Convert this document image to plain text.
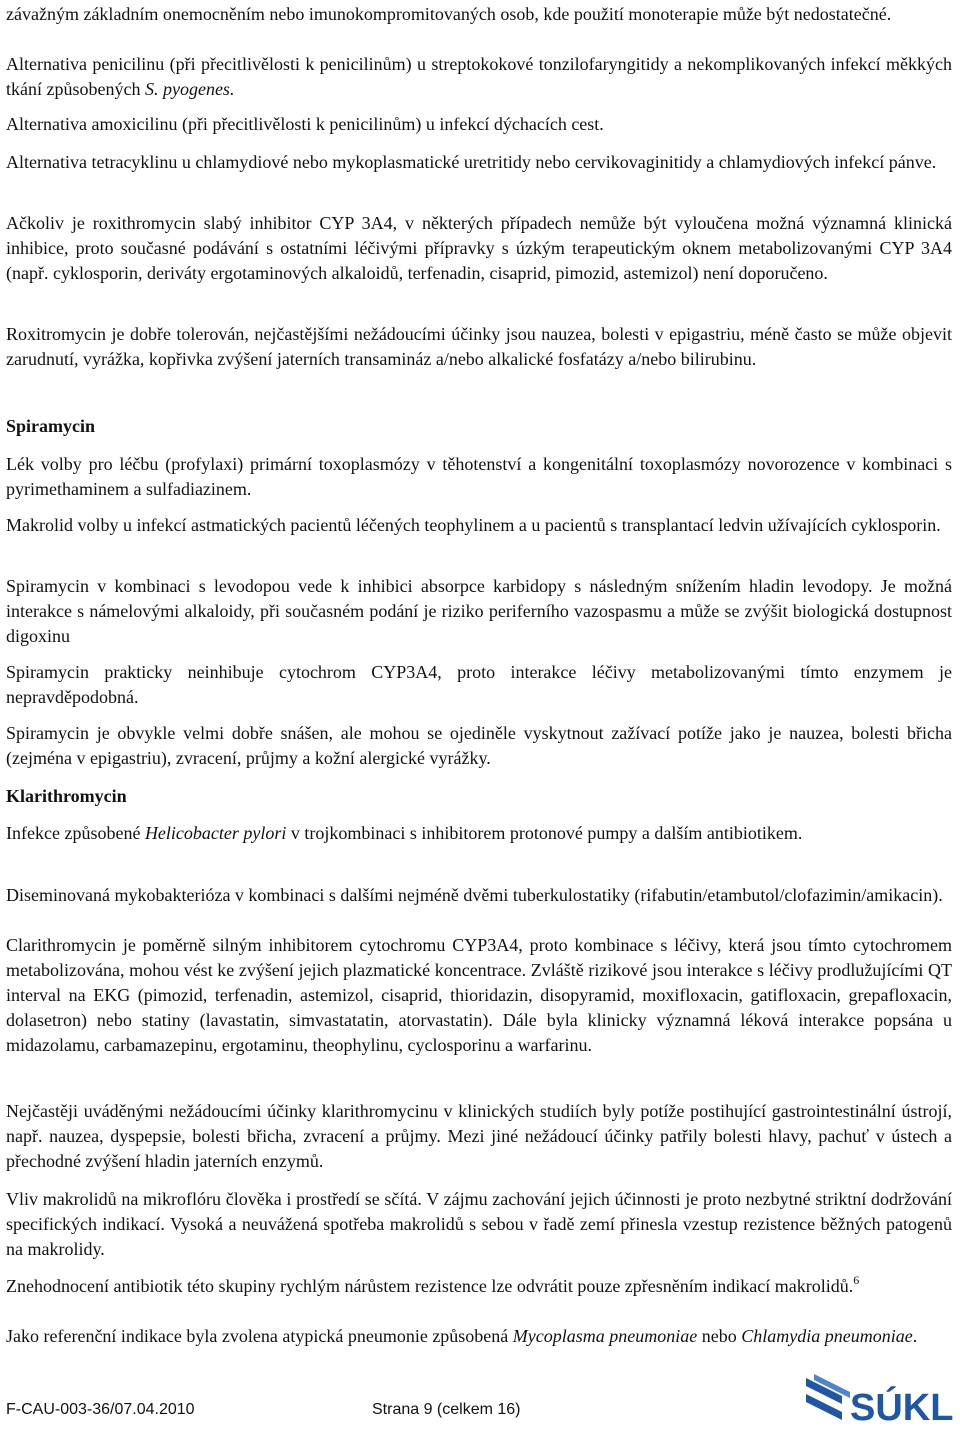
závažným základním onemocněním nebo imunokompromitovaných osob, kde použití monoterapie může být nedostatečné.

Alternativa penicilinu (při přecitlivělosti k penicilinům) u streptokokové tonzilofaryngitidy a nekomplikovaných infekcí měkkých tkání způsobených S. pyogenes.

Alternativa amoxicilinu (při přecitlivělosti k penicilinům) u infekcí dýchacích cest.

Alternativa tetracyklinu u chlamydiové nebo mykoplasmatické uretritidy nebo cervikovaginitidy a chlamydiových infekcí pánve.

Ačkoliv je roxithromycin slabý inhibitor CYP 3A4, v některých případech nemůže být vyloučena možná významná klinická inhibice, proto současné podávání s ostatními léčivými přípravky s úzkým terapeutickým oknem metabolizovanými CYP 3A4 (např. cyklosporin, deriváty ergotaminových alkaloidů, terfenadin, cisaprid, pimozid, astemizol) není doporučeno.

Roxitromycin je dobře tolerován, nejčastějšími nežádoucími účinky jsou nauzea, bolesti v epigastriu, méně často se může objevit zarudnutí, vyrážka, kopřivka zvýšení jaterních transamináz a/nebo alkalické fosfatázy a/nebo bilirubinu.

Spiramycin

Lék volby pro léčbu (profylaxi) primární toxoplasmózy v těhotenství a kongenitální toxoplasmózy novorozence v kombinaci s pyrimethaminem a sulfadiazinem.

Makrolid volby u infekcí astmatických pacientů léčených teophylinem a u pacientů s transplantací ledvin užívajících cyklosporin.

Spiramycin v kombinaci s levodopou vede k inhibici absorpce karbidopy s následným snížením hladin levodopy. Je možná interakce s námelovými alkaloidy, při současném podání je riziko periferního vazospasmu a může se zvýšit biologická dostupnost digoxinu

Spiramycin prakticky neinhibuje cytochrom CYP3A4, proto interakce léčivy metabolizovanými tímto enzymem je nepravděpodobná.

Spiramycin je obvykle velmi dobře snášen, ale mohou se ojediněle vyskytnout zažívací potíže jako je nauzea, bolesti břicha (zejména v epigastriu), zvracení, průjmy a kožní alergické vyrážky.

Klarithromycin

Infekce způsobené Helicobacter pylori v trojkombinaci s inhibitorem protonové pumpy a dalším antibiotikem.

Diseminovaná mykobakterióza v kombinaci s dalšími nejméně dvěmi tuberkulostatiky (rifabutin/etambutol/clofazimin/amikacin).

Clarithromycin je poměrně silným inhibitorem cytochromu CYP3A4, proto kombinace s léčivy, která jsou tímto cytochromem metabolizována, mohou vést ke zvýšení jejich plazmatické koncentrace. Zvláště rizikové jsou interakce s léčivy prodlužujícími QT interval na EKG (pimozid, terfenadin, astemizol, cisaprid, thioridazin, disopyramid, moxifloxacin, gatifloxacin, grepafloxacin, dolasetron) nebo statiny (lavastatin, simvastatatin, atorvastatin). Dále byla klinicky významná léková interakce popsána u midazolamu, carbamazepinu, ergotaminu, theophylinu, cyclosporinu a warfarinu.

Nejčastěji uváděnými nežádoucími účinky klarithromycinu v klinických studiích byly potíže postihující gastrointestinální ústrojí, např. nauzea, dyspepsie, bolesti břicha, zvracení a průjmy. Mezi jiné nežádoucí účinky patřily bolesti hlavy, pachuť v ústech a přechodné zvýšení hladin jaterních enzymů.

Vliv makrolidů na mikroflóru člověka i prostředí se sčítá. V zájmu zachování jejich účinnosti je proto nezbytné striktní dodržování specifických indikací. Vysoká a neuvážená spotřeba makrolidů s sebou v řadě zemí přinesla vzestup rezistence běžných patogenů na makrolidy.

Znehodnocení antibiotik této skupiny rychlým nárůstem rezistence lze odvrátit pouze zpřesněním indikací makrolidů.$^6$

Jako referenční indikace byla zvolena atypická pneumonie způsobená Mycoplasma pneumoniae nebo Chlamydia pneumoniae.

F-CAU-003-36/07.04.2010	Strana 9 (celkem 16)	SÚKL
